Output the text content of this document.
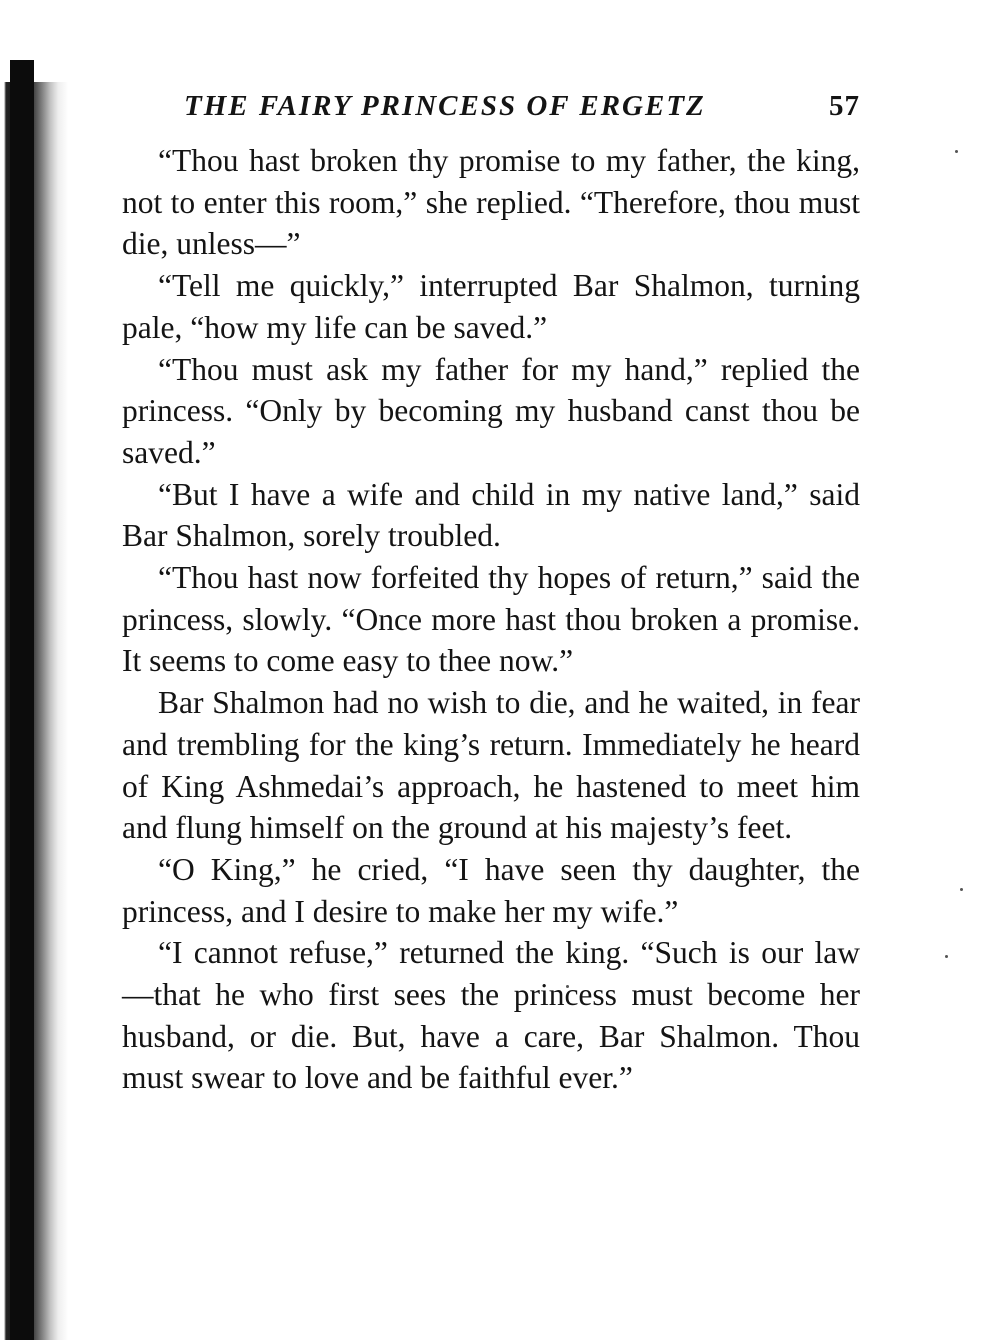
THE FAIRY PRINCESS OF ERGETZ	57

“Thou hast broken thy promise to my father, the king, not to enter this room,” she replied. “Therefore, thou must die, unless—”

“Tell me quickly,” interrupted Bar Shalmon, turning pale, “how my life can be saved.”

“Thou must ask my father for my hand,” replied the princess. “Only by becoming my husband canst thou be saved.”

“But I have a wife and child in my native land,” said Bar Shalmon, sorely troubled.

“Thou hast now forfeited thy hopes of return,” said the princess, slowly. “Once more hast thou broken a promise. It seems to come easy to thee now.”

Bar Shalmon had no wish to die, and he waited, in fear and trembling for the king’s return. Immediately he heard of King Ashmedai’s approach, he hastened to meet him and flung himself on the ground at his majesty’s feet.

“O King,” he cried, “I have seen thy daughter, the princess, and I desire to make her my wife.”

“I cannot refuse,” returned the king. “Such is our law—that he who first sees the princess must become her husband, or die. But, have a care, Bar Shalmon. Thou must swear to love and be faithful ever.”
